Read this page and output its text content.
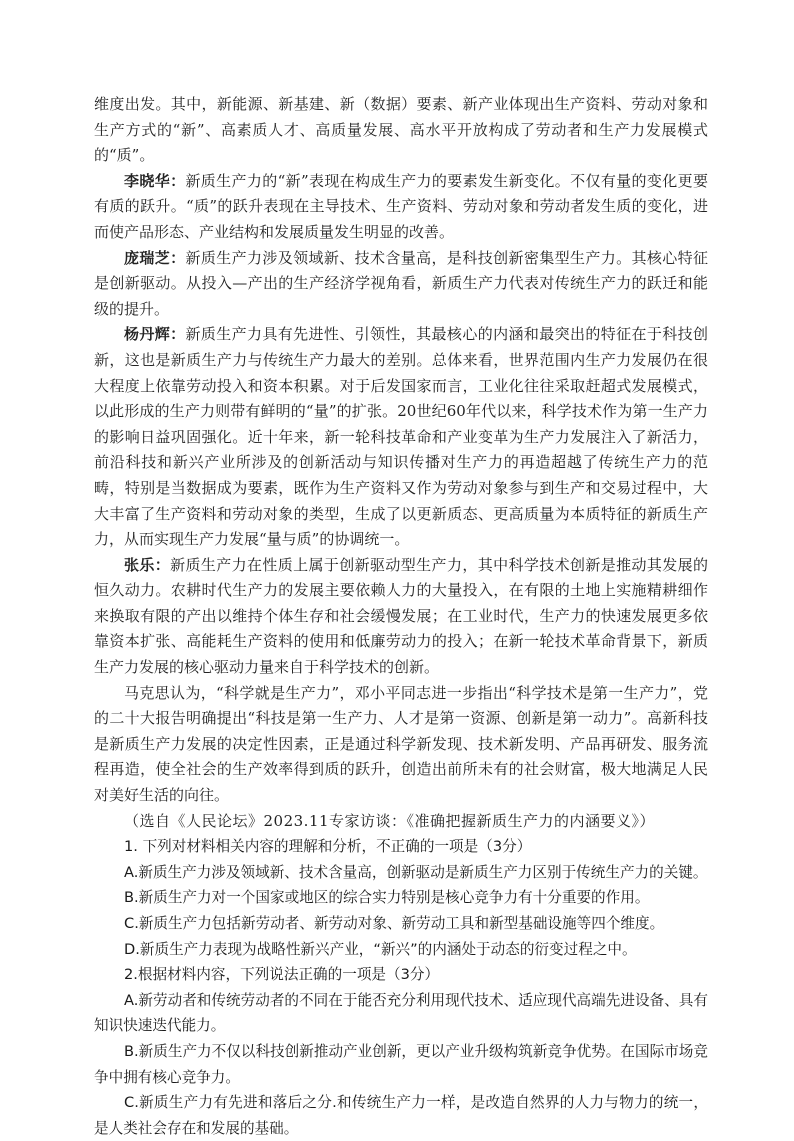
维度出发。其中，新能源、新基建、新（数据）要素、新产业体现出生产资料、劳动对象和生产方式的“新”、高素质人才、高质量发展、高水平开放构成了劳动者和生产力发展模式的“质”。

李晓华：新质生产力的“新”表现在构成生产力的要素发生新变化。不仅有量的变化更要有质的跃升。“质”的跃升表现在主导技术、生产资料、劳动对象和劳动者发生质的变化，进而使产品形态、产业结构和发展质量发生明显的改善。

庞瑞芝：新质生产力涉及领域新、技术含量高，是科技创新密集型生产力。其核心特征是创新驱动。从投入—产出的生产经济学视角看，新质生产力代表对传统生产力的跃迁和能级的提升。

杨丹辉：新质生产力具有先进性、引领性，其最核心的内涵和最突出的特征在于科技创新，这也是新质生产力与传统生产力最大的差别。总体来看，世界范围内生产力发展仍在很大程度上依靠劳动投入和资本积累。对于后发国家而言，工业化往往采取赶超式发展模式，以此形成的生产力则带有鲜明的“量”的扩张。20世纪60年代以来，科学技术作为第一生产力的影响日益巩固强化。近十年来，新一轮科技革命和产业变革为生产力发展注入了新活力，前沿科技和新兴产业所涉及的创新活动与知识传播对生产力的再造超越了传统生产力的范畴，特别是当数据成为要素，既作为生产资料又作为劳动对象参与到生产和交易过程中，大大丰富了生产资料和劳动对象的类型，生成了以更新质态、更高质量为本质特征的新质生产力，从而实现生产力发展“量与质”的协调统一。

张乐：新质生产力在性质上属于创新驱动型生产力，其中科学技术创新是推动其发展的恒久动力。农耕时代生产力的发展主要依赖人力的大量投入，在有限的土地上实施精耕细作来换取有限的产出以维持个体生存和社会缓慢发展；在工业时代，生产力的快速发展更多依靠资本扩张、高能耗生产资料的使用和低廉劳动力的投入；在新一轮技术革命背景下，新质生产力发展的核心驱动力量来自于科学技术的创新。

马克思认为，“科学就是生产力”，邓小平同志进一步指出“科学技术是第一生产力”，党的二十大报告明确提出“科技是第一生产力、人才是第一资源、创新是第一动力”。高新科技是新质生产力发展的决定性因素，正是通过科学新发现、技术新发明、产品再研发、服务流程再造，使全社会的生产效率得到质的跃升，创造出前所未有的社会财富，极大地满足人民对美好生活的向往。

（选自《人民论坛》2023.11专家访谈：《准确把握新质生产力的内涵要义》）

1. 下列对材料相关内容的理解和分析，不正确的一项是（3分）

A.新质生产力涉及领域新、技术含量高，创新驱动是新质生产力区别于传统生产力的关键。

B.新质生产力对一个国家或地区的综合实力特别是核心竞争力有十分重要的作用。

C.新质生产力包括新劳动者、新劳动对象、新劳动工具和新型基础设施等四个维度。

D.新质生产力表现为战略性新兴产业，“新兴”的内涵处于动态的衍变过程之中。

2.根据材料内容，下列说法正确的一项是（3分）

A.新劳动者和传统劳动者的不同在于能否充分利用现代技术、适应现代高端先进设备、具有知识快速迭代能力。

B.新质生产力不仅以科技创新推动产业创新，更以产业升级构筑新竞争优势。在国际市场竞争中拥有核心竞争力。

C.新质生产力有先进和落后之分.和传统生产力一样，是改造自然界的人力与物力的统一，是人类社会存在和发展的基础。
